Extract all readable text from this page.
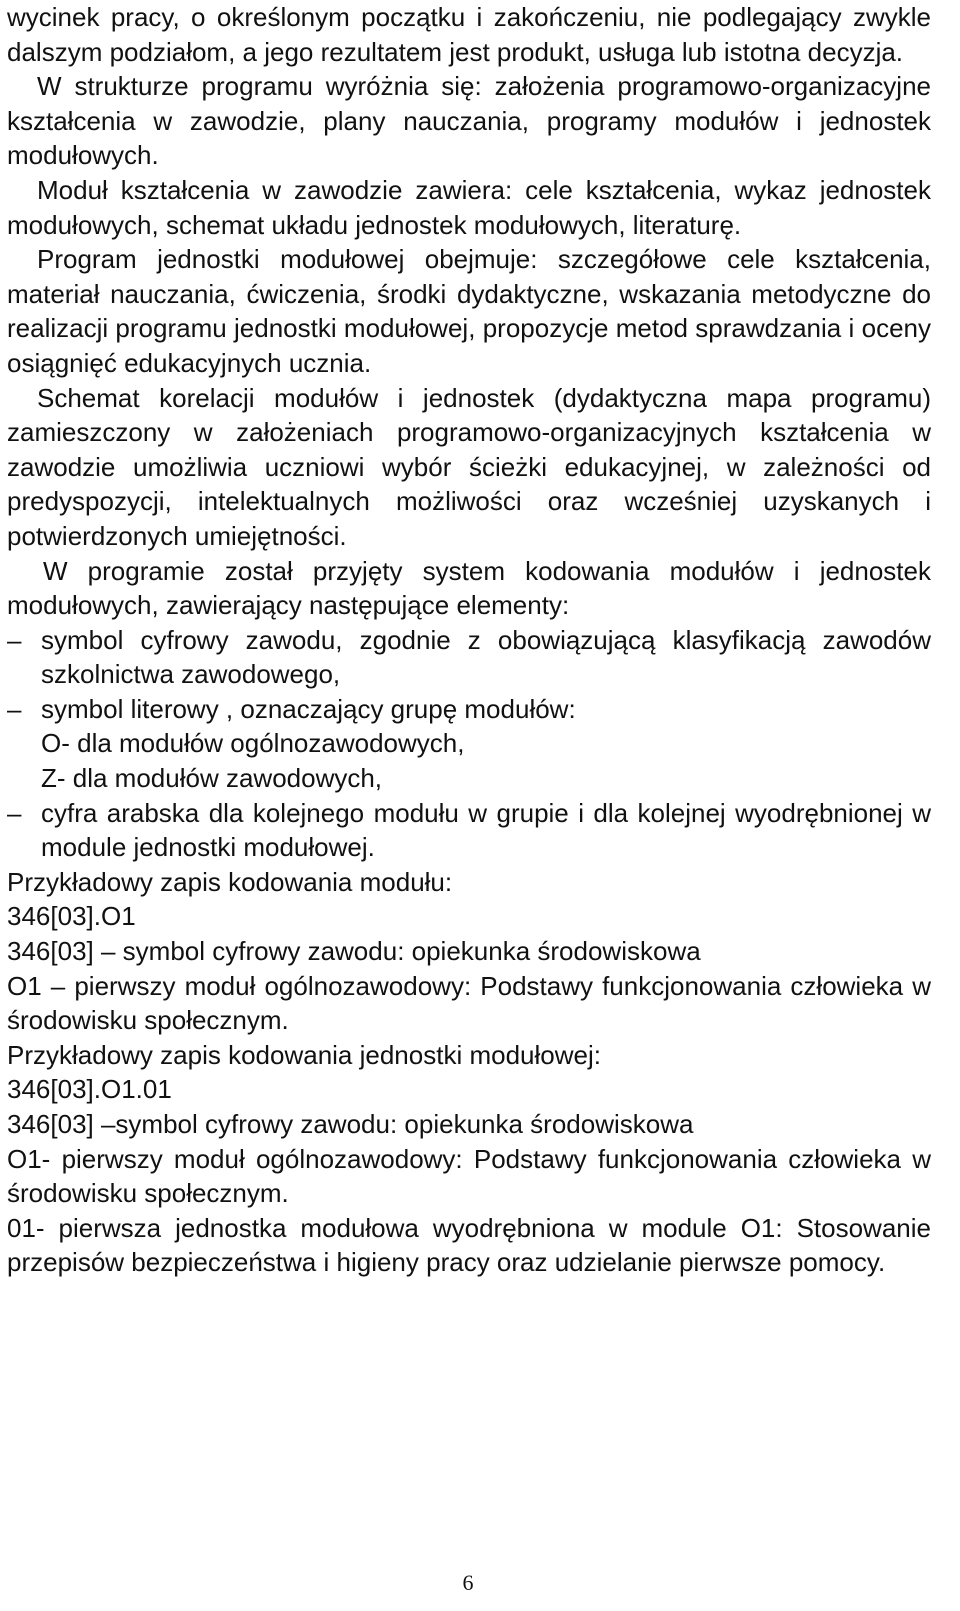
wycinek pracy, o określonym początku i zakończeniu, nie podlegający zwykle dalszym podziałom, a jego rezultatem jest produkt, usługa lub istotna decyzja.

W strukturze programu wyróżnia się: założenia programowo-organizacyjne kształcenia w zawodzie, plany nauczania, programy modułów i jednostek modułowych.

Moduł kształcenia w zawodzie zawiera: cele kształcenia, wykaz jednostek modułowych, schemat układu jednostek modułowych, literaturę.

Program jednostki modułowej obejmuje: szczegółowe cele kształcenia, materiał nauczania, ćwiczenia, środki dydaktyczne, wskazania metodyczne do realizacji programu jednostki modułowej, propozycje metod sprawdzania i oceny osiągnięć edukacyjnych ucznia.

Schemat korelacji modułów i jednostek (dydaktyczna mapa programu) zamieszczony w założeniach programowo-organizacyjnych kształcenia w zawodzie umożliwia uczniowi wybór ścieżki edukacyjnej, w zależności od predyspozycji, intelektualnych możliwości oraz wcześniej uzyskanych i potwierdzonych umiejętności.

W programie został przyjęty system kodowania modułów i jednostek modułowych, zawierający następujące elementy:

– symbol cyfrowy zawodu, zgodnie z obowiązującą klasyfikacją zawodów szkolnictwa zawodowego,
– symbol literowy , oznaczający grupę modułów:

O- dla modułów ogólnozawodowych,

Z- dla modułów zawodowych,

– cyfra arabska dla kolejnego modułu w grupie i dla kolejnej wyodrębnionej w module jednostki modułowej.

Przykładowy zapis kodowania modułu:

346[03].O1

346[03] – symbol cyfrowy zawodu: opiekunka środowiskowa

O1 – pierwszy moduł ogólnozawodowy: Podstawy funkcjonowania człowieka w środowisku społecznym.

Przykładowy zapis kodowania jednostki modułowej:

346[03].O1.01

346[03] –symbol cyfrowy zawodu: opiekunka środowiskowa

O1- pierwszy moduł ogólnozawodowy: Podstawy funkcjonowania człowieka w środowisku społecznym.

01- pierwsza jednostka modułowa wyodrębniona w module O1: Stosowanie przepisów bezpieczeństwa i higieny pracy oraz udzielanie pierwsze pomocy.

6
